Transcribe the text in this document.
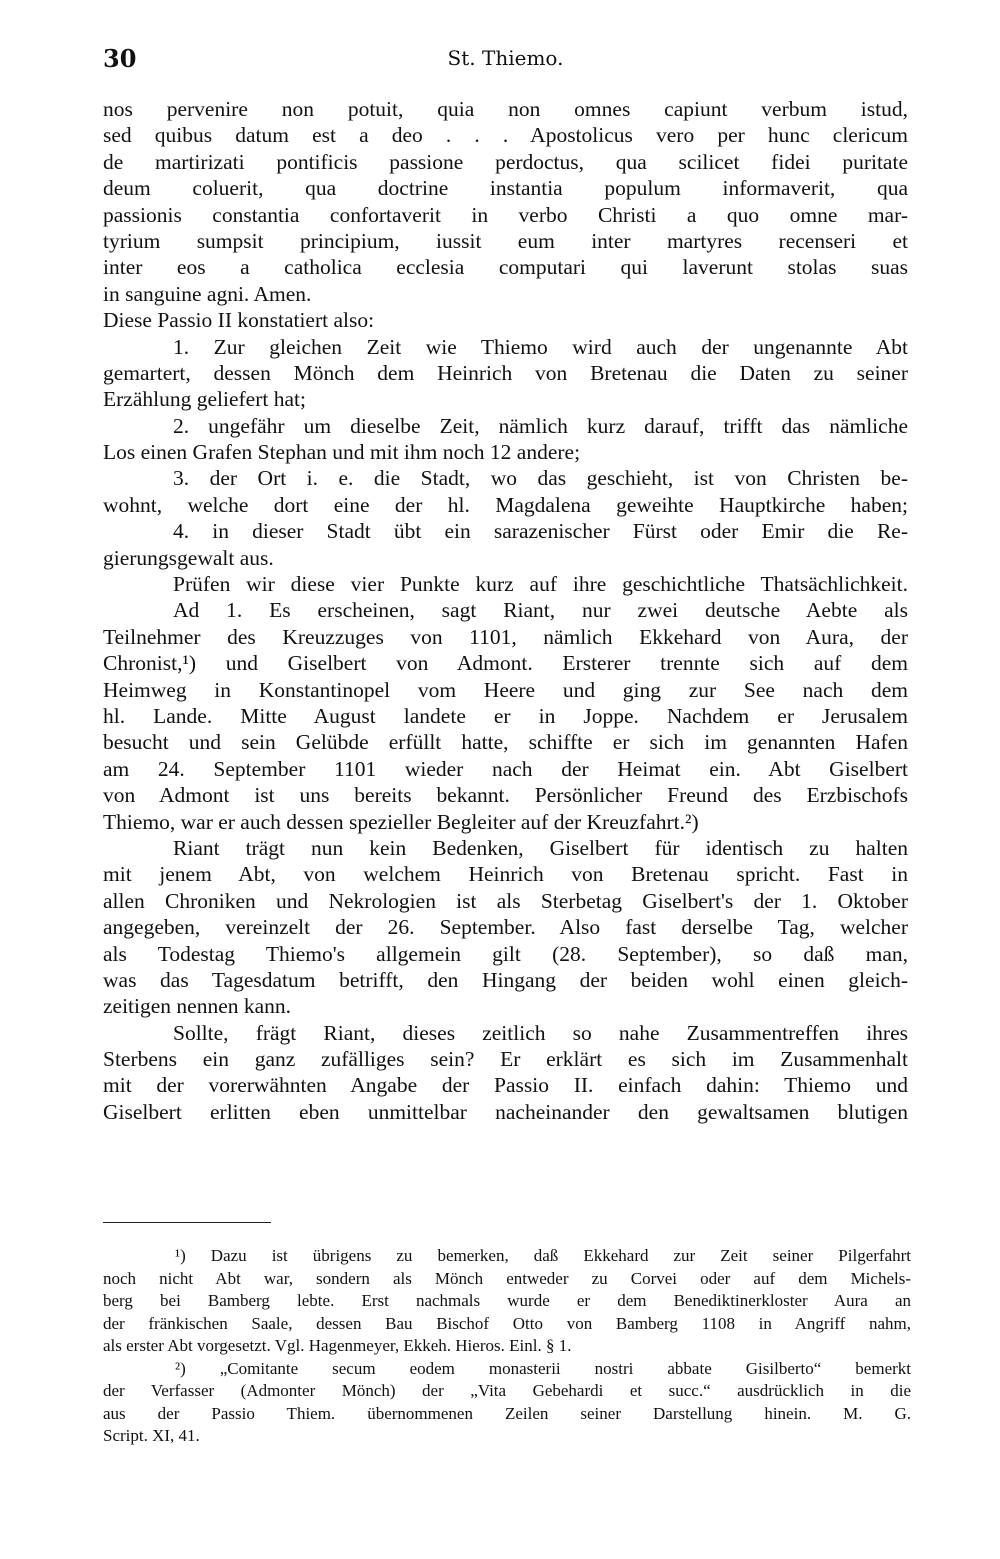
30	St. Thiemo.
nos pervenire non potuit, quia non omnes capiunt verbum istud,
sed quibus datum est a deo . . . Apostolicus vero per hunc clericum
de martirizati pontificis passione perdoctus, qua scilicet fidei puritate
deum coluerit, qua doctrine instantia populum informaverit, qua
passionis constantia confortaverit in verbo Christi a quo omne mar-
tyrium sumpsit principium, iussit eum inter martyres recenseri et
inter eos a catholica ecclesia computari qui laverunt stolas suas
in sanguine agni. Amen.
Diese Passio II konstatiert also:
1. Zur gleichen Zeit wie Thiemo wird auch der ungenannte Abt
gemartert, dessen Mönch dem Heinrich von Bretenau die Daten zu seiner
Erzählung geliefert hat;
2. ungefähr um dieselbe Zeit, nämlich kurz darauf, trifft das nämliche
Los einen Grafen Stephan und mit ihm noch 12 andere;
3. der Ort i. e. die Stadt, wo das geschieht, ist von Christen be-
wohnt, welche dort eine der hl. Magdalena geweihte Hauptkirche haben;
4. in dieser Stadt übt ein sarazenischer Fürst oder Emir die Re-
gierungsgewalt aus.
Prüfen wir diese vier Punkte kurz auf ihre geschichtliche Thatsächlichkeit.
Ad 1. Es erscheinen, sagt Riant, nur zwei deutsche Aebte als
Teilnehmer des Kreuzzuges von 1101, nämlich Ekkehard von Aura, der
Chronist,¹) und Giselbert von Admont. Ersterer trennte sich auf dem
Heimweg in Konstantinopel vom Heere und ging zur See nach dem
hl. Lande. Mitte August landete er in Joppe. Nachdem er Jerusalem
besucht und sein Gelübde erfüllt hatte, schiffte er sich im genannten Hafen
am 24. September 1101 wieder nach der Heimat ein. Abt Giselbert
von Admont ist uns bereits bekannt. Persönlicher Freund des Erzbischofs
Thiemo, war er auch dessen spezieller Begleiter auf der Kreuzfahrt.²)
Riant trägt nun kein Bedenken, Giselbert für identisch zu halten
mit jenem Abt, von welchem Heinrich von Bretenau spricht. Fast in
allen Chroniken und Nekrologien ist als Sterbetag Giselbert's der 1. Oktober
angegeben, vereinzelt der 26. September. Also fast derselbe Tag, welcher
als Todestag Thiemo's allgemein gilt (28. September), so daß man,
was das Tagesdatum betrifft, den Hingang der beiden wohl einen gleich-
zeitigen nennen kann.
Sollte, frägt Riant, dieses zeitlich so nahe Zusammentreffen ihres
Sterbens ein ganz zufälliges sein? Er erklärt es sich im Zusammenhalt
mit der vorerwähnten Angabe der Passio II. einfach dahin: Thiemo und
Giselbert erlitten eben unmittelbar nacheinander den gewaltsamen blutigen
¹) Dazu ist übrigens zu bemerken, daß Ekkehard zur Zeit seiner Pilgerfahrt
noch nicht Abt war, sondern als Mönch entweder zu Corvei oder auf dem Michels-
berg bei Bamberg lebte. Erst nachmals wurde er dem Benediktinerkloster Aura an
der fränkischen Saale, dessen Bau Bischof Otto von Bamberg 1108 in Angriff nahm,
als erster Abt vorgesetzt. Vgl. Hagenmeyer, Ekkeh. Hieros. Einl. § 1.
²) „Comitante secum eodem monasterii nostri abbate Gisilberto“ bemerkt
der Verfasser (Admonter Mönch) der „Vita Gebehardi et succ.“ ausdrücklich in die
aus der Passio Thiem. übernommenen Zeilen seiner Darstellung hinein. M. G.
Script. XI, 41.
